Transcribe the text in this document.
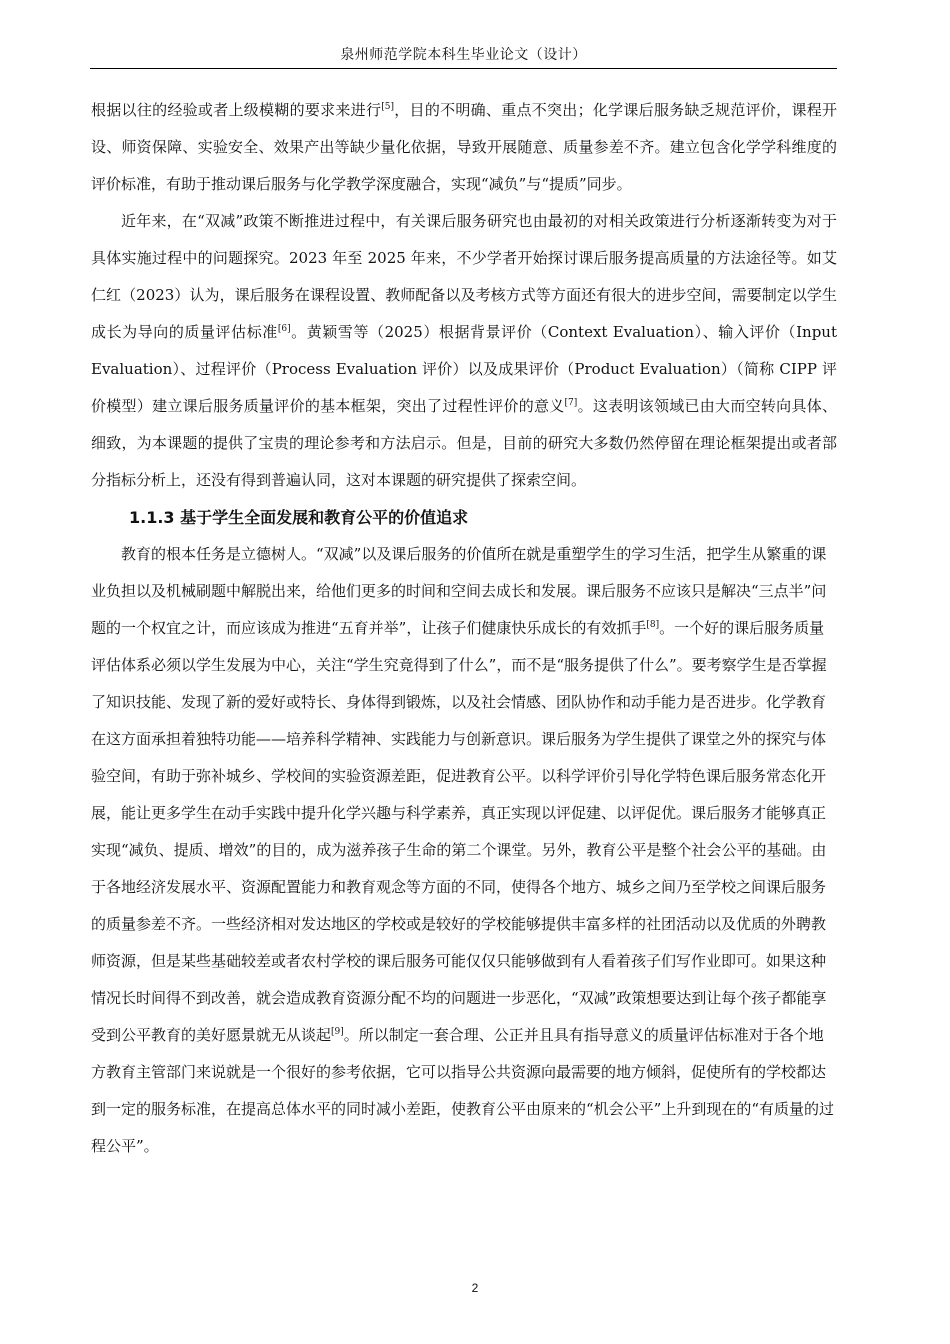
泉州师范学院本科生毕业论文（设计）

根据以往的经验或者上级模糊的要求来进行[5]，目的不明确、重点不突出；化学课后服务缺乏规范评价，课程开设、师资保障、实验安全、效果产出等缺少量化依据，导致开展随意、质量参差不齐。建立包含化学学科维度的评价标准，有助于推动课后服务与化学教学深度融合，实现“减负”与“提质”同步。

近年来，在“双减”政策不断推进过程中，有关课后服务研究也由最初的对相关政策进行分析逐渐转变为对于具体实施过程中的问题探究。2023 年至 2025 年来，不少学者开始探讨课后服务提高质量的方法途径等。如艾仁红（2023）认为，课后服务在课程设置、教师配备以及考核方式等方面还有很大的进步空间，需要制定以学生成长为导向的质量评估标准[6]。黄颖雪等（2025）根据背景评价（Context Evaluation）、输入评价（Input Evaluation）、过程评价（Process Evaluation 评价）以及成果评价（Product Evaluation）（简称 CIPP 评价模型）建立课后服务质量评价的基本框架，突出了过程性评价的意义[7]。这表明该领域已由大而空转向具体、细致，为本课题的提供了宝贵的理论参考和方法启示。但是，目前的研究大多数仍然停留在理论框架提出或者部分指标分析上，还没有得到普遍认同，这对本课题的研究提供了探索空间。

1.1.3 基于学生全面发展和教育公平的价值追求

教育的根本任务是立德树人。“双减”以及课后服务的价值所在就是重塑学生的学习生活，把学生从繁重的课业负担以及机械刷题中解脱出来，给他们更多的时间和空间去成长和发展。课后服务不应该只是解决“三点半”问题的一个权宜之计，而应该成为推进“五育并举”，让孩子们健康快乐成长的有效抓手[8]。一个好的课后服务质量评估体系必须以学生发展为中心，关注“学生究竟得到了什么”，而不是“服务提供了什么”。要考察学生是否掌握了知识技能、发现了新的爱好或特长、身体得到锻炼，以及社会情感、团队协作和动手能力是否进步。化学教育在这方面承担着独特功能——培养科学精神、实践能力与创新意识。课后服务为学生提供了课堂之外的探究与体验空间，有助于弥补城乡、学校间的实验资源差距，促进教育公平。以科学评价引导化学特色课后服务常态化开展，能让更多学生在动手实践中提升化学兴趣与科学素养，真正实现以评促建、以评促优。课后服务才能够真正实现“减负、提质、增效”的目的，成为滋养孩子生命的第二个课堂。另外，教育公平是整个社会公平的基础。由于各地经济发展水平、资源配置能力和教育观念等方面的不同，使得各个地方、城乡之间乃至学校之间课后服务的质量参差不齐。一些经济相对发达地区的学校或是较好的学校能够提供丰富多样的社团活动以及优质的外聘教师资源，但是某些基础较差或者农村学校的课后服务可能仅仅只能够做到有人看着孩子们写作业即可。如果这种情况长时间得不到改善，就会造成教育资源分配不均的问题进一步恶化，“双减”政策想要达到让每个孩子都能享受到公平教育的美好愿景就无从谈起[9]。所以制定一套合理、公正并且具有指导意义的质量评估标准对于各个地方教育主管部门来说就是一个很好的参考依据，它可以指导公共资源向最需要的地方倾斜，促使所有的学校都达到一定的服务标准，在提高总体水平的同时减小差距，使教育公平由原来的“机会公平”上升到现在的“有质量的过程公平”。

2
